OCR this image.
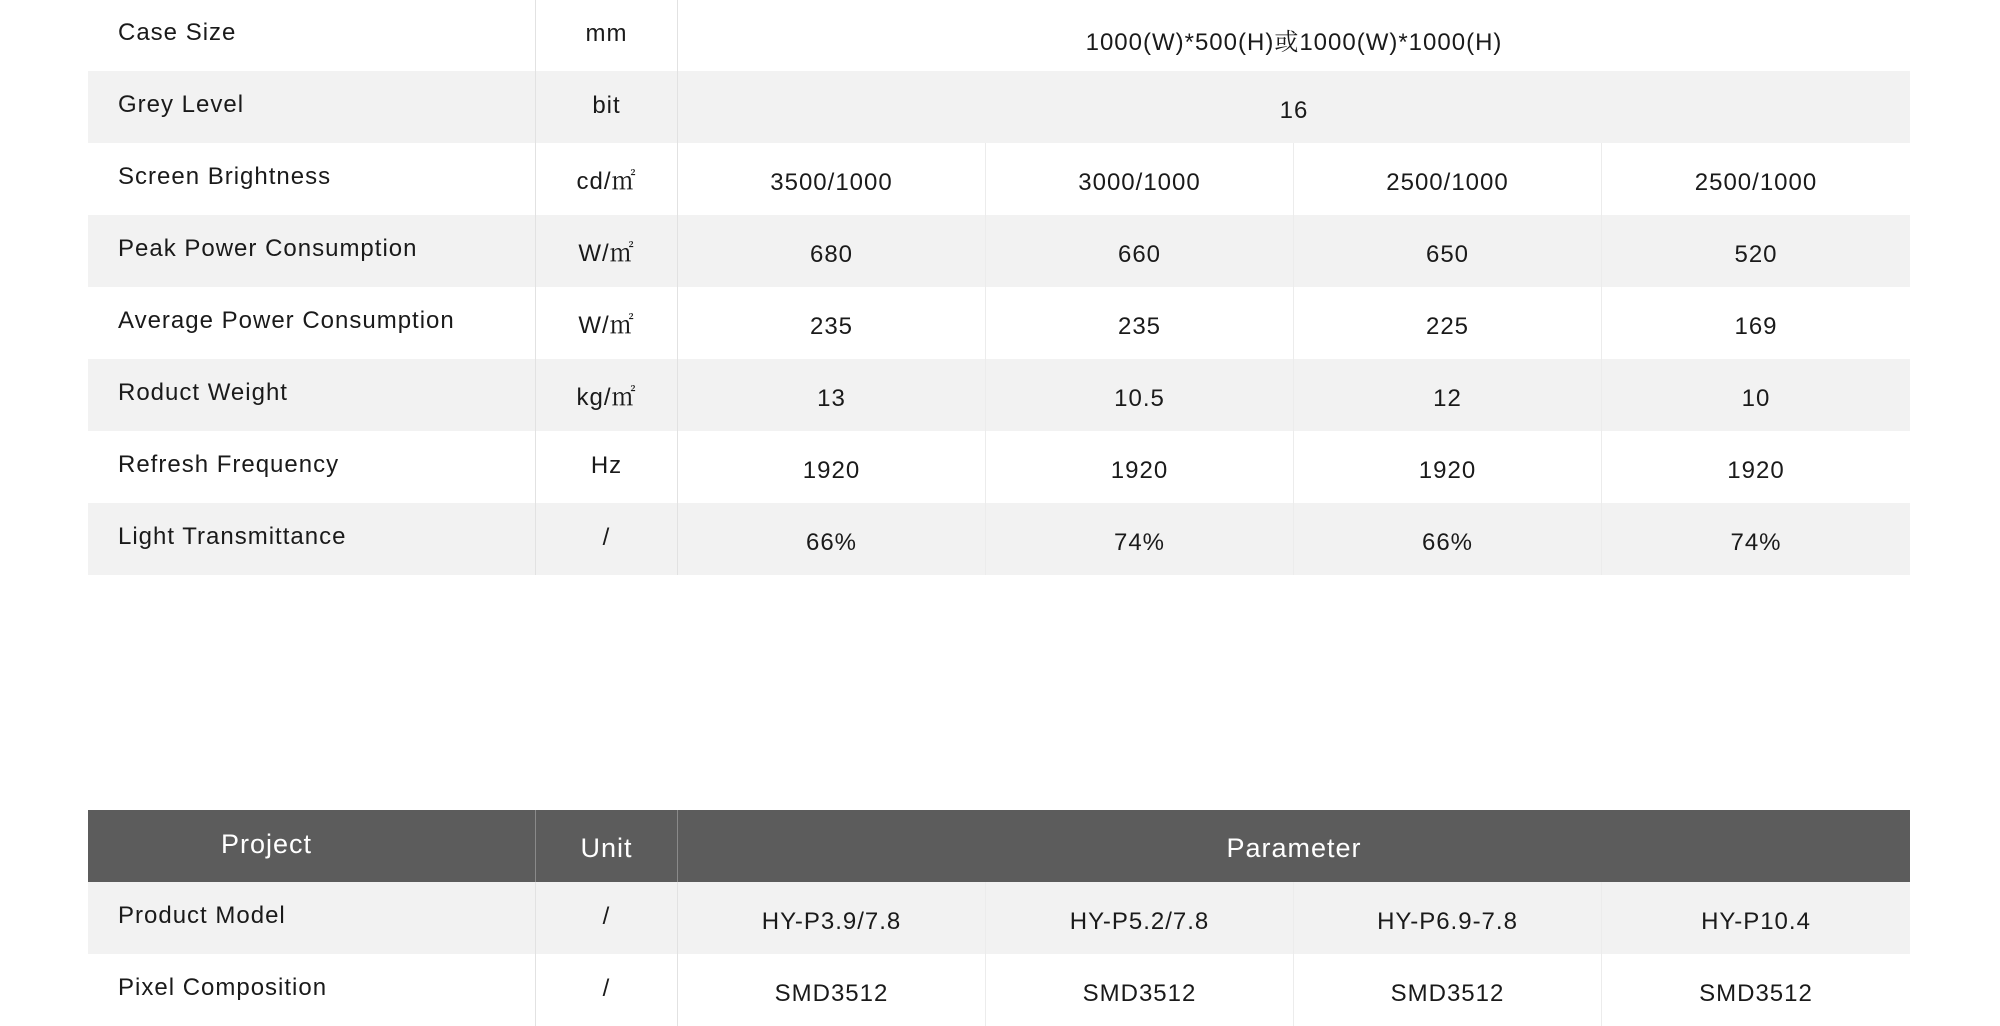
Case Size	mm	1000(W)*500(H)或1000(W)*1000(H)
Grey Level	bit	16
Screen Brightness	cd/㎡	3500/1000	3000/1000	2500/1000	2500/1000
Peak Power Consumption	W/㎡	680	660	650	520
Average Power Consumption	W/㎡	235	235	225	169
Roduct Weight	kg/㎡	13	10.5	12	10
Refresh Frequency	Hz	1920	1920	1920	1920
Light Transmittance	/	66%	74%	66%	74%
Project	Unit	Parameter
Product Model	/	HY-P3.9/7.8	HY-P5.2/7.8	HY-P6.9-7.8	HY-P10.4
Pixel Composition	/	SMD3512	SMD3512	SMD3512	SMD3512
